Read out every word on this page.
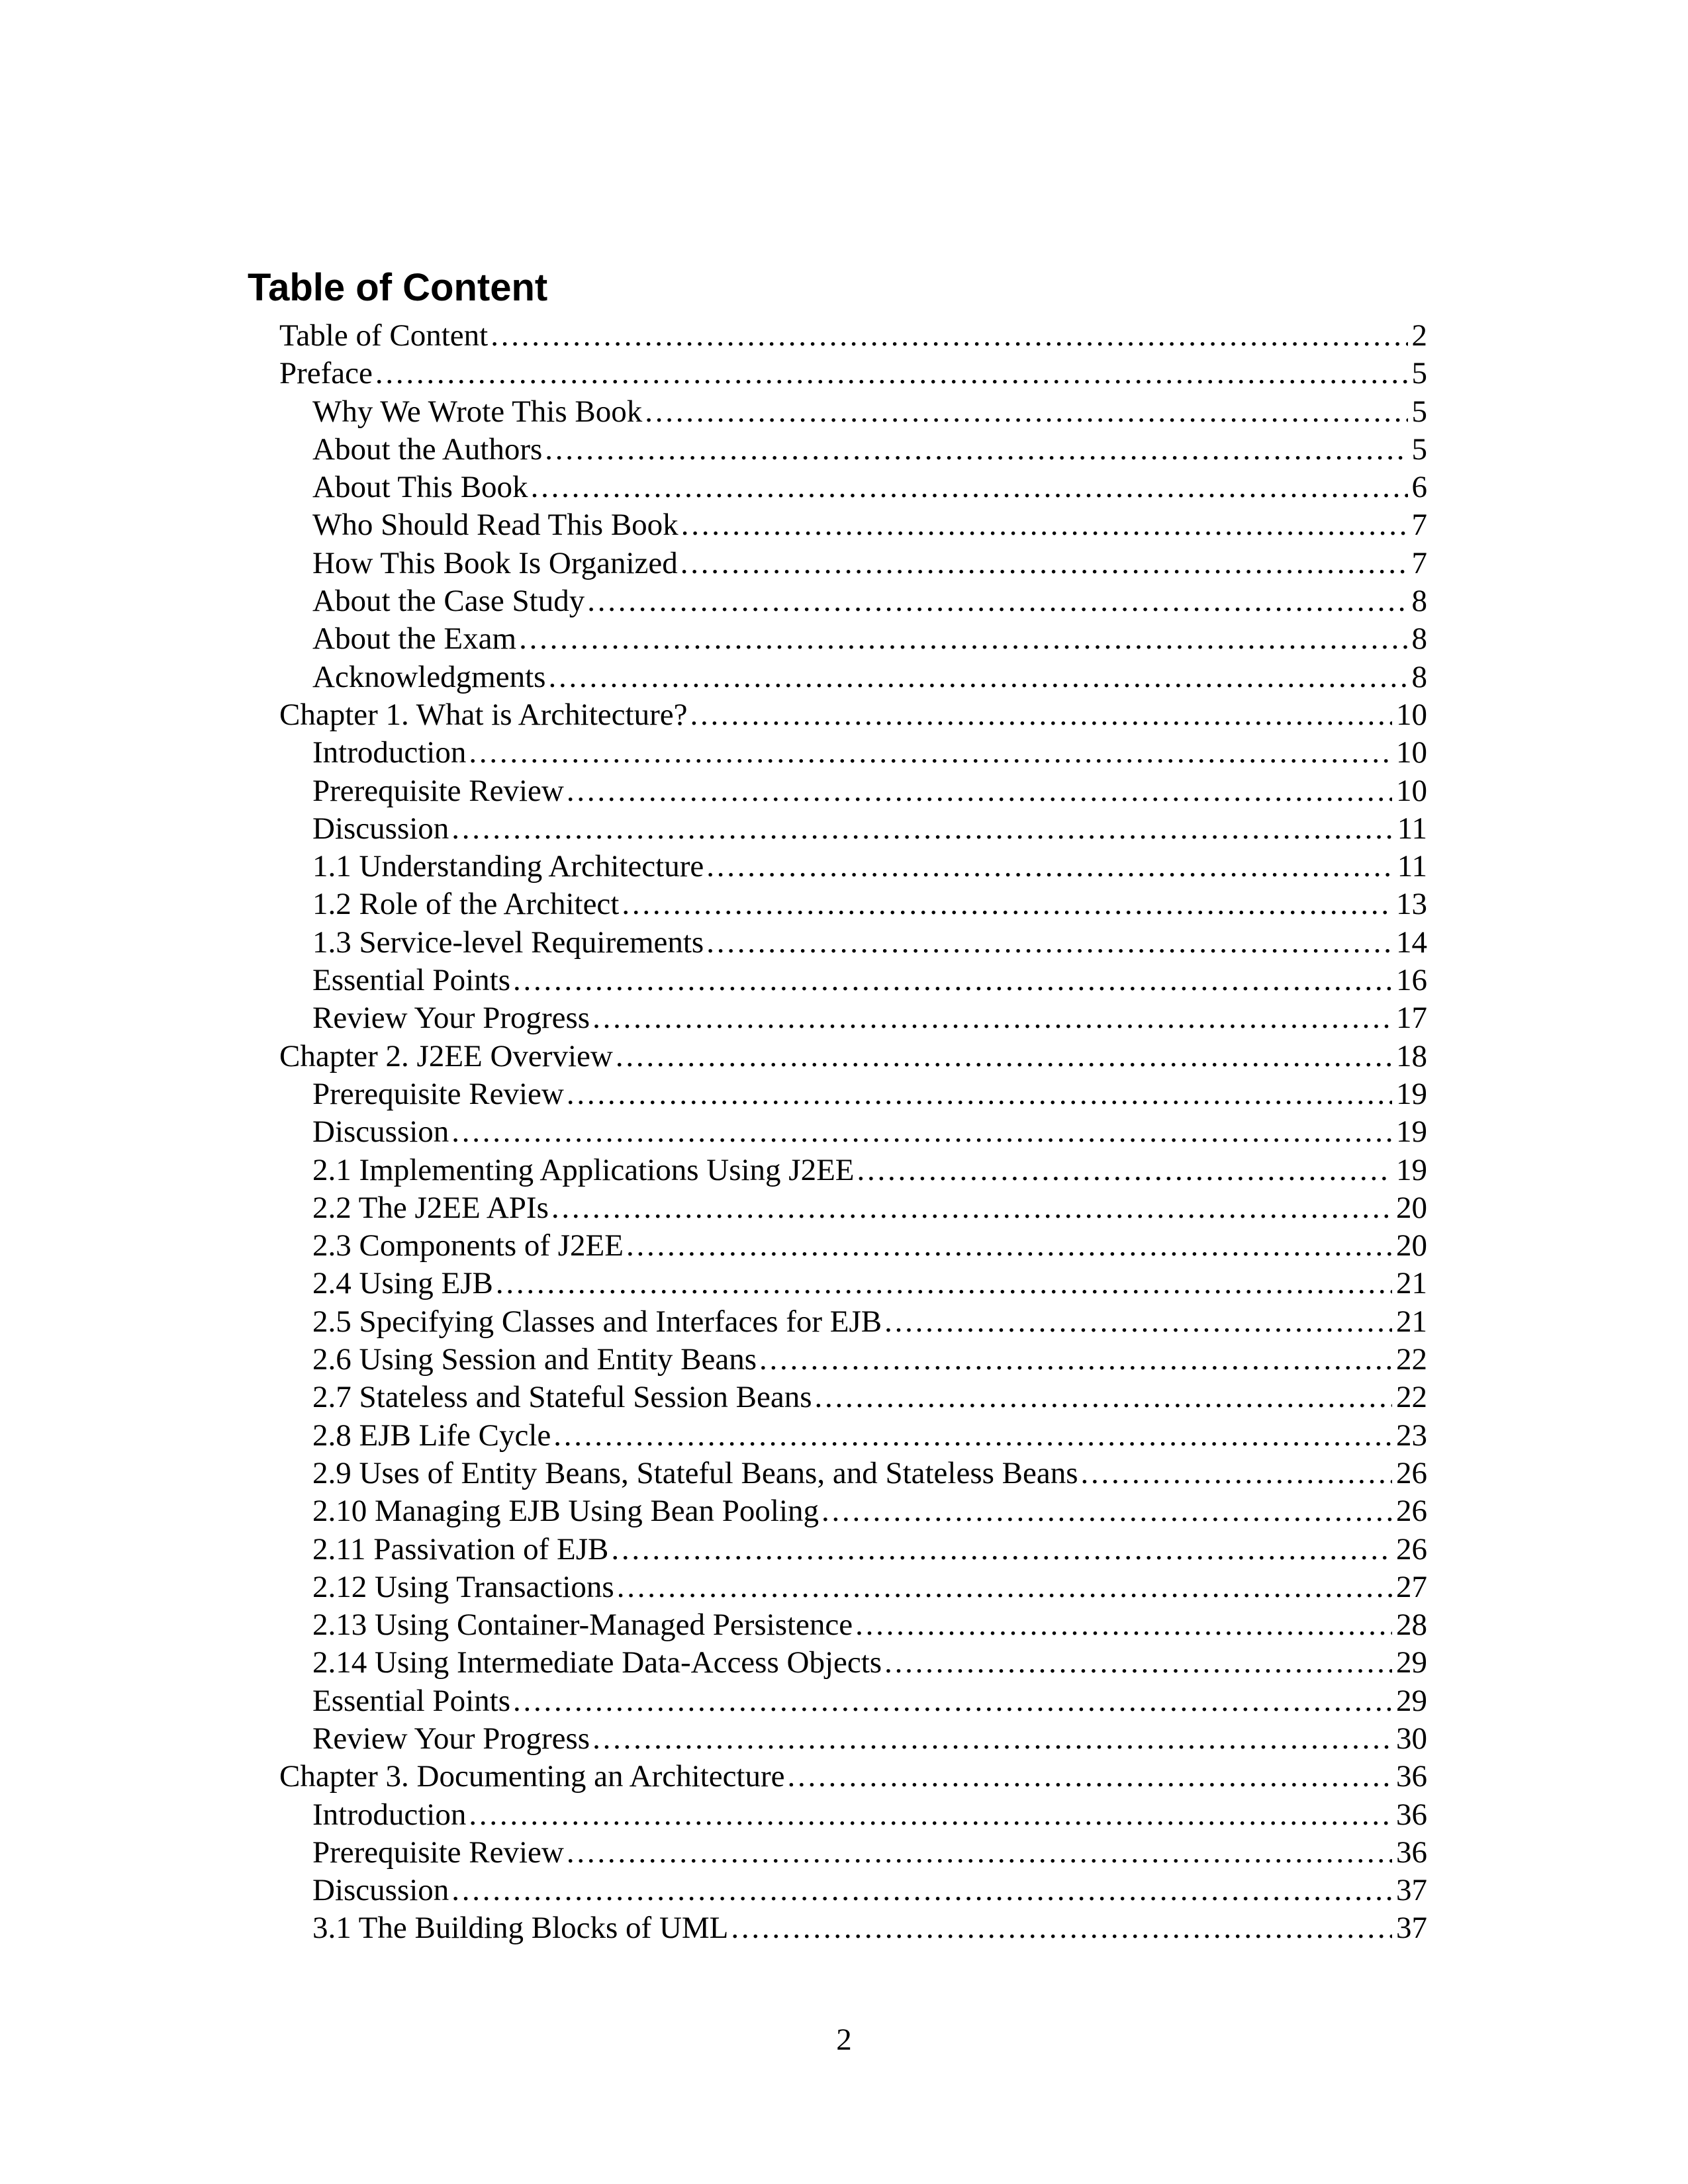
Table of Content
Table of Content . . .	2
Preface . . .	5
Why We Wrote This Book . . .	5
About the Authors . . .	5
About This Book . . .	6
Who Should Read This Book . . .	7
How This Book Is Organized . . .	7
About the Case Study . . .	8
About the Exam . . .	8
Acknowledgments . . .	8
Chapter 1. What is Architecture? . . .	10
Introduction . . .	10
Prerequisite Review . . .	10
Discussion . . .	11
1.1 Understanding Architecture . . .	11
1.2 Role of the Architect . . .	13
1.3 Service-level Requirements . . .	14
Essential Points . . .	16
Review Your Progress . . .	17
Chapter 2. J2EE Overview . . .	18
Prerequisite Review . . .	19
Discussion . . .	19
2.1 Implementing Applications Using J2EE . . .	19
2.2 The J2EE APIs . . .	20
2.3 Components of J2EE . . .	20
2.4 Using EJB . . .	21
2.5 Specifying Classes and Interfaces for EJB . . .	21
2.6 Using Session and Entity Beans . . .	22
2.7 Stateless and Stateful Session Beans . . .	22
2.8 EJB Life Cycle . . .	23
2.9 Uses of Entity Beans, Stateful Beans, and Stateless Beans . . .	26
2.10 Managing EJB Using Bean Pooling . . .	26
2.11 Passivation of EJB . . .	26
2.12 Using Transactions . . .	27
2.13 Using Container-Managed Persistence . . .	28
2.14 Using Intermediate Data-Access Objects . . .	29
Essential Points . . .	29
Review Your Progress . . .	30
Chapter 3. Documenting an Architecture . . .	36
Introduction . . .	36
Prerequisite Review . . .	36
Discussion . . .	37
3.1 The Building Blocks of UML . . .	37
2
